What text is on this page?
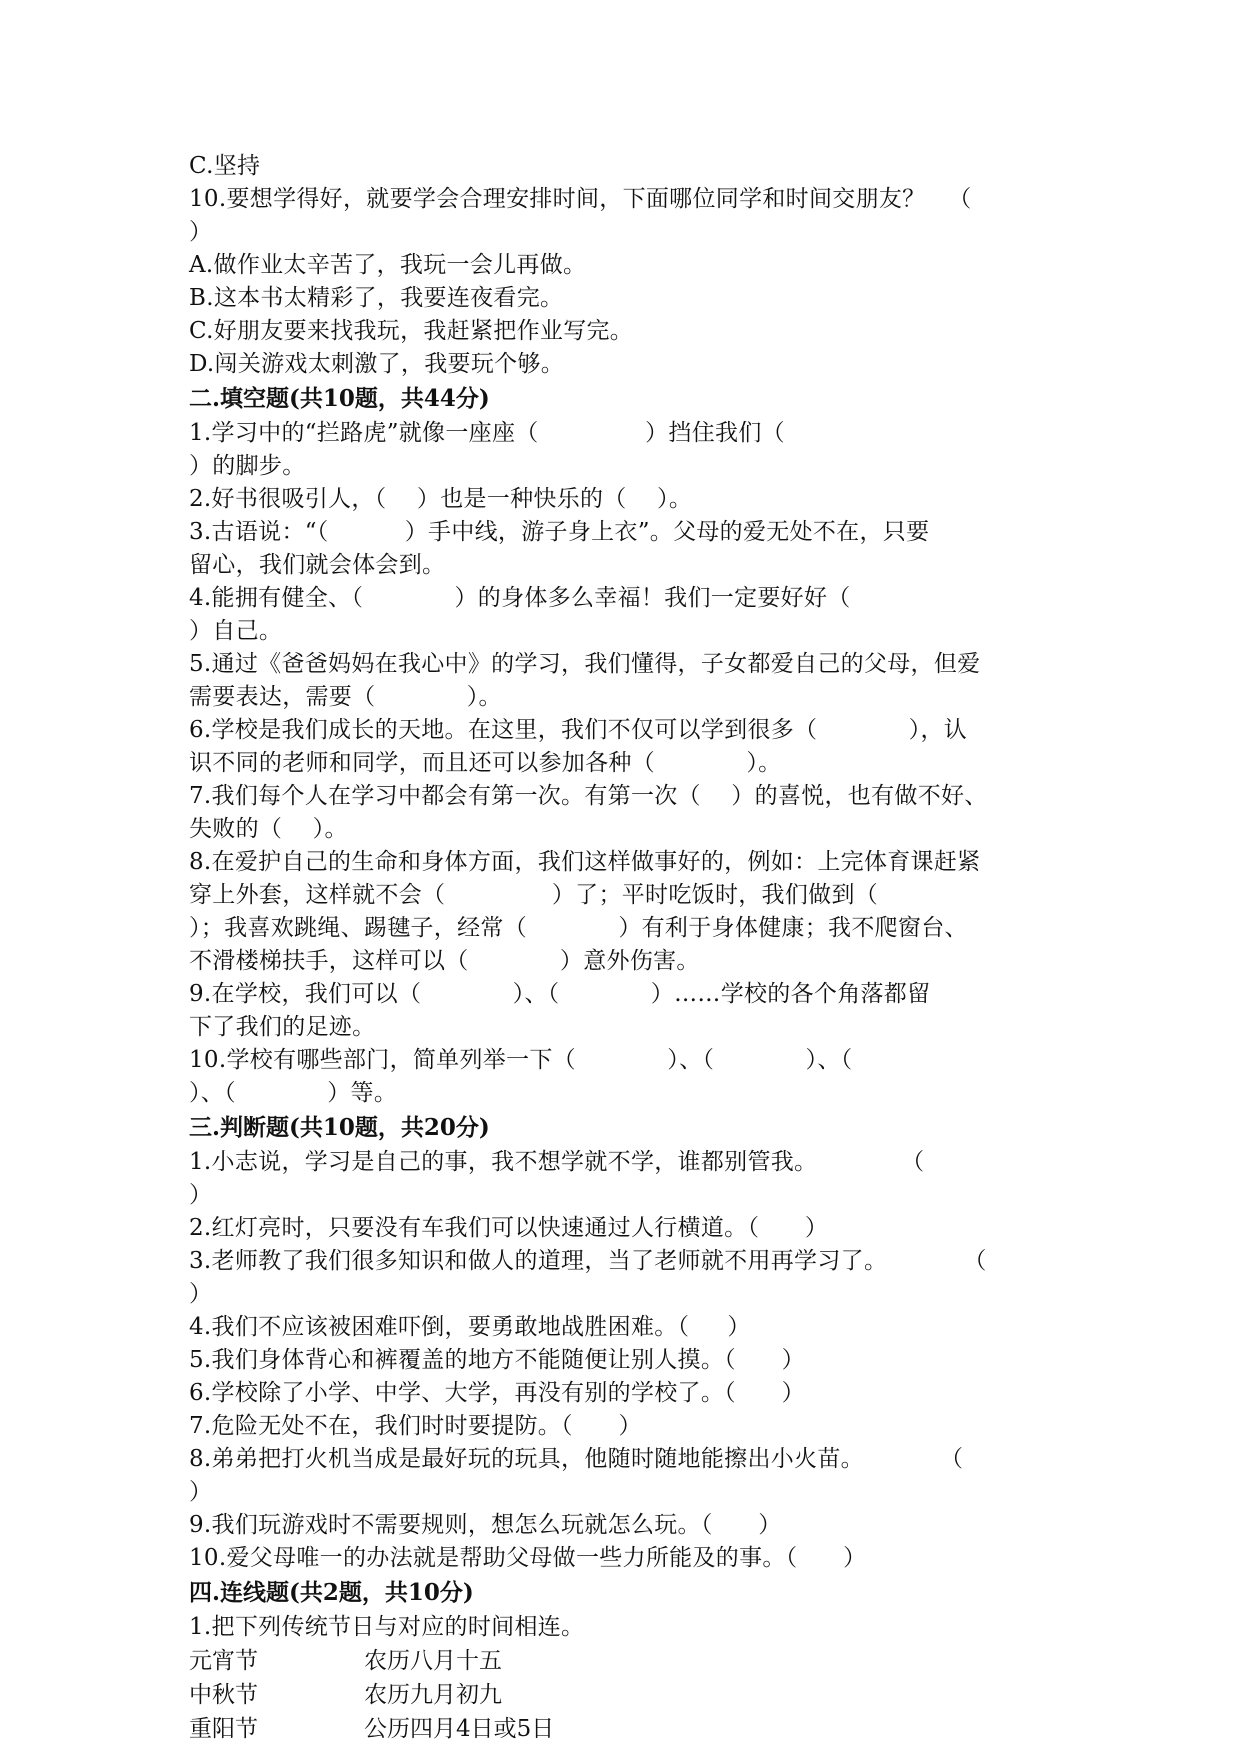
C.坚持
10.要想学得好，就要学会合理安排时间，下面哪位同学和时间交朋友？   （
）
A.做作业太辛苦了，我玩一会儿再做。
B.这本书太精彩了，我要连夜看完。
C.好朋友要来找我玩，我赶紧把作业写完。
D.闯关游戏太刺激了，我要玩个够。
二.填空题(共10题，共44分)
1.学习中的“拦路虎”就像一座座（              ）挡住我们（
）的脚步。
2.好书很吸引人，（    ）也是一种快乐的（    ）。
3.古语说：“（          ）手中线，游子身上衣”。父母的爱无处不在，只要
留心，我们就会体会到。
4.能拥有健全、（            ）的身体多么幸福！我们一定要好好（
）自己。
5.通过《爸爸妈妈在我心中》的学习，我们懂得，子女都爱自己的父母，但爱
需要表达，需要（            ）。
6.学校是我们成长的天地。在这里，我们不仅可以学到很多（            ），认
识不同的老师和同学，而且还可以参加各种（            ）。
7.我们每个人在学习中都会有第一次。有第一次（    ）的喜悦，也有做不好、
失败的（    ）。
8.在爱护自己的生命和身体方面，我们这样做事好的，例如：上完体育课赶紧
穿上外套，这样就不会（              ）了；平时吃饭时，我们做到（
）；我喜欢跳绳、踢毽子，经常（            ）有利于身体健康；我不爬窗台、
不滑楼梯扶手，这样可以（            ）意外伤害。
9.在学校，我们可以（            ）、（            ）……学校的各个角落都留
下了我们的足迹。
10.学校有哪些部门，简单列举一下（            ）、（            ）、（
）、（            ）等。
三.判断题(共10题，共20分)
1.小志说，学习是自己的事，我不想学就不学，谁都别管我。           （
）
2.红灯亮时，只要没有车我们可以快速通过人行横道。（      ）
3.老师教了我们很多知识和做人的道理，当了老师就不用再学习了。          （
）
4.我们不应该被困难吓倒，要勇敢地战胜困难。（     ）
5.我们身体背心和裤覆盖的地方不能随便让别人摸。（      ）
6.学校除了小学、中学、大学，再没有别的学校了。（      ）
7.危险无处不在，我们时时要提防。（      ）
8.弟弟把打火机当成是最好玩的玩具，他随时随地能擦出小火苗。          （
）
9.我们玩游戏时不需要规则，想怎么玩就怎么玩。（      ）
10.爱父母唯一的办法就是帮助父母做一些力所能及的事。（      ）
四.连线题(共2题，共10分)
1.把下列传统节日与对应的时间相连。
元宵节	农历八月十五
中秋节	农历九月初九
重阳节	公历四月4日或5日
